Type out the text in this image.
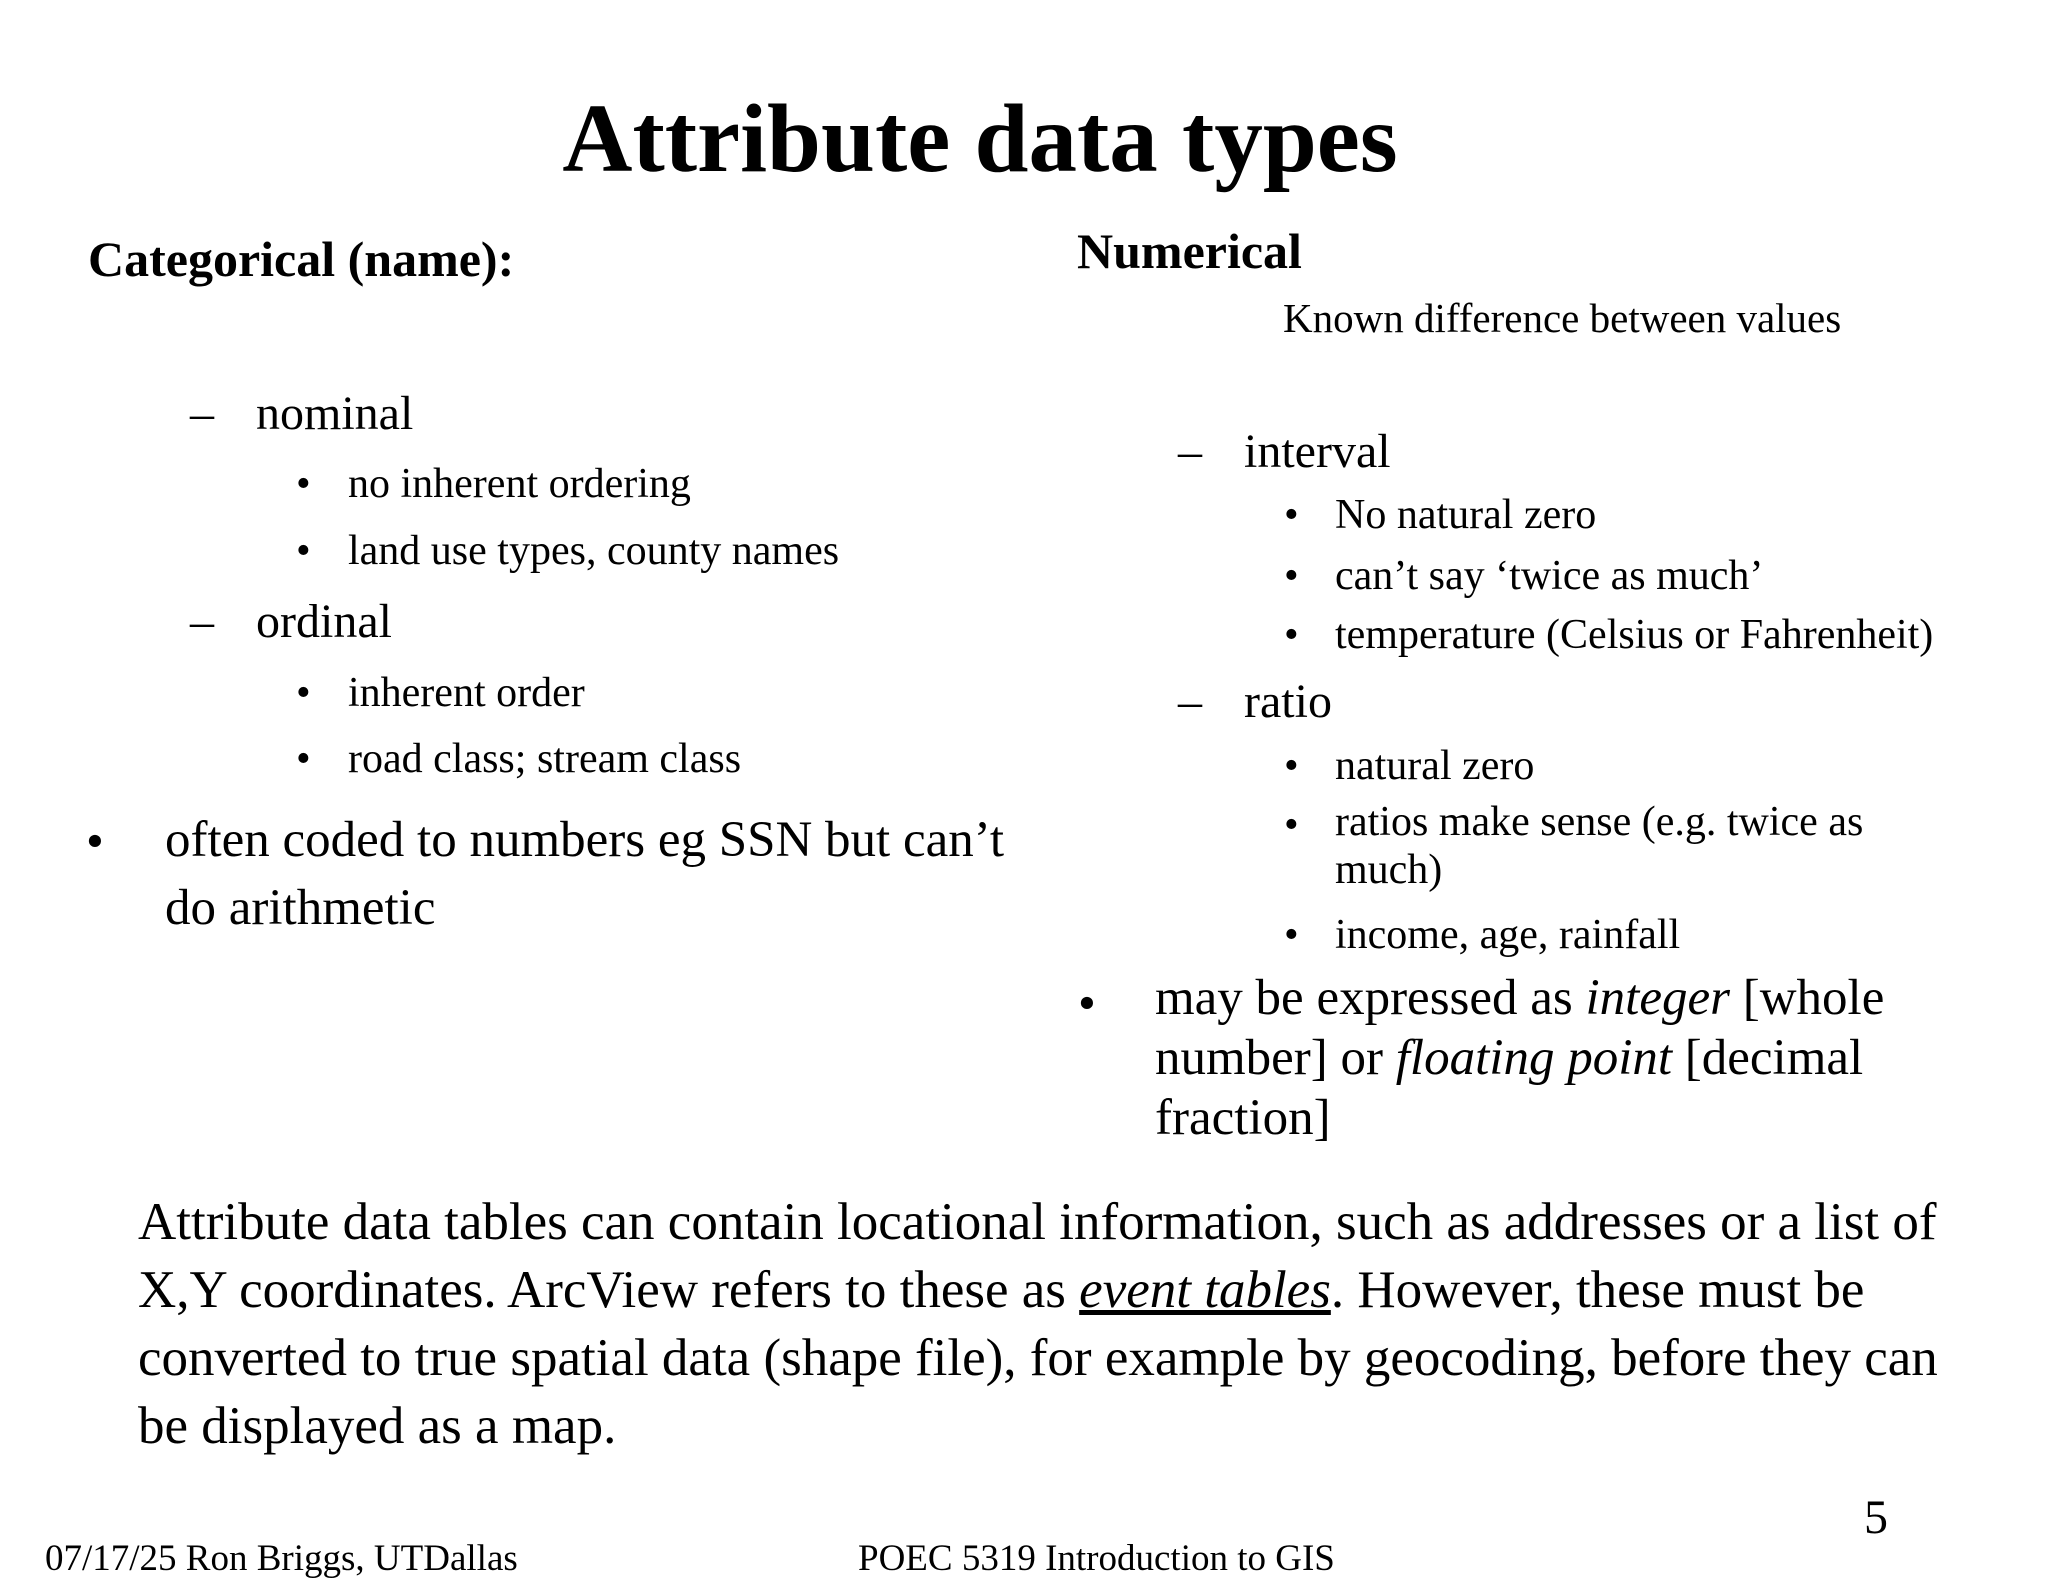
Attribute data types
Categorical (name):
– nominal
• no inherent ordering
• land use types, county names
– ordinal
• inherent order
• road class; stream class
• often coded to numbers eg SSN but can’t do arithmetic
Numerical
Known difference between values
– interval
• No natural zero
• can’t say ‘twice as much’
• temperature (Celsius or Fahrenheit)
– ratio
• natural zero
• ratios make sense (e.g. twice as much)
• income, age, rainfall
• may be expressed as integer [whole number] or floating point [decimal fraction]
Attribute data tables can contain locational information, such as addresses or a list of X,Y coordinates. ArcView refers to these as event tables. However, these must be converted to true spatial data (shape file), for example by geocoding, before they can be displayed as a map.
5
07/17/25 Ron Briggs, UTDallas	POEC 5319 Introduction to GIS
